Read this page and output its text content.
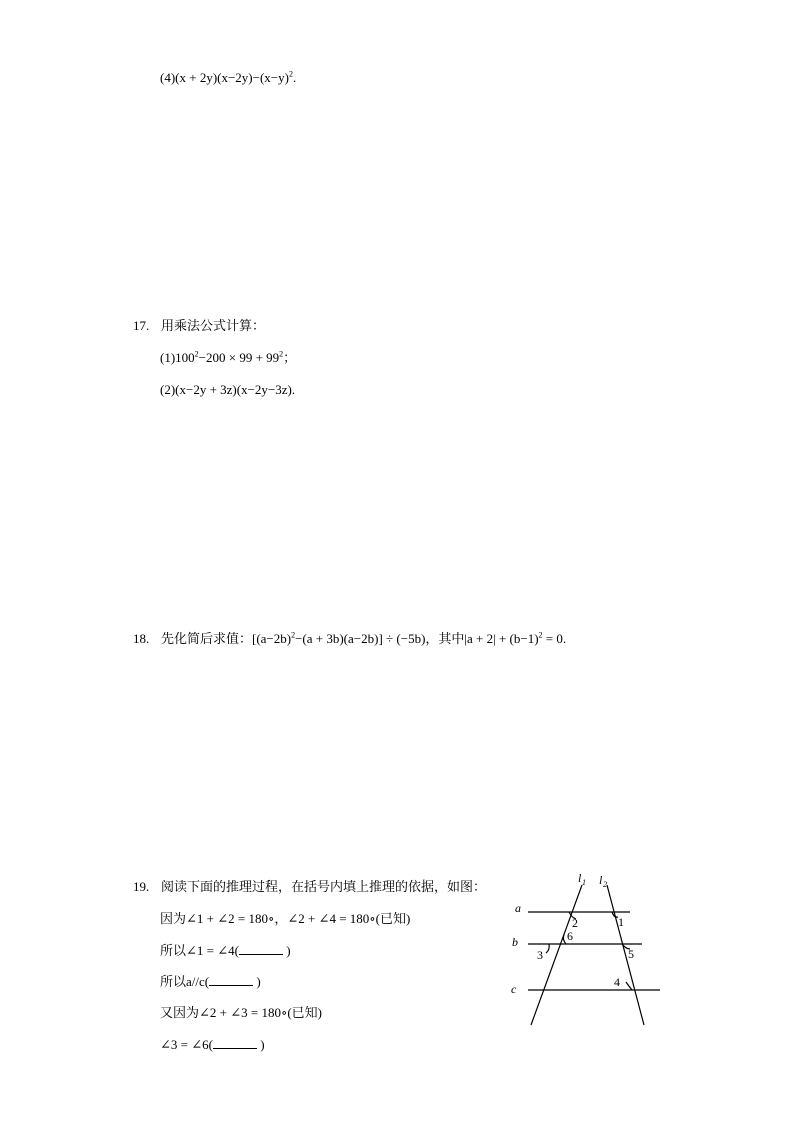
$(4)(x + 2y)(x-2y)-(x-y)^2$.
17. 用乘法公式计算：
$(1)100^2-200 \times 99 + 99^2$；
(2)(x−2y + 3z)(x−2y−3z).
18. 先化简后求值：$[(a-2b)^2-(a + 3b)(a-2b)] \div (-5b)$，其中$|a + 2| + (b-1)^2 = 0$.
19. 阅读下面的推理过程，在括号内填上推理的依据，如图：
因为∠1 + ∠2 = 180∘，∠2 + ∠4 = 180∘(已知)
所以∠1 = ∠4(	)
所以a//c(	)
又因为∠2 + ∠3 = 180∘(已知)
∠3 = ∠6(	)
a
b
c
l 1 l 2
1
2
6
3	5
4
